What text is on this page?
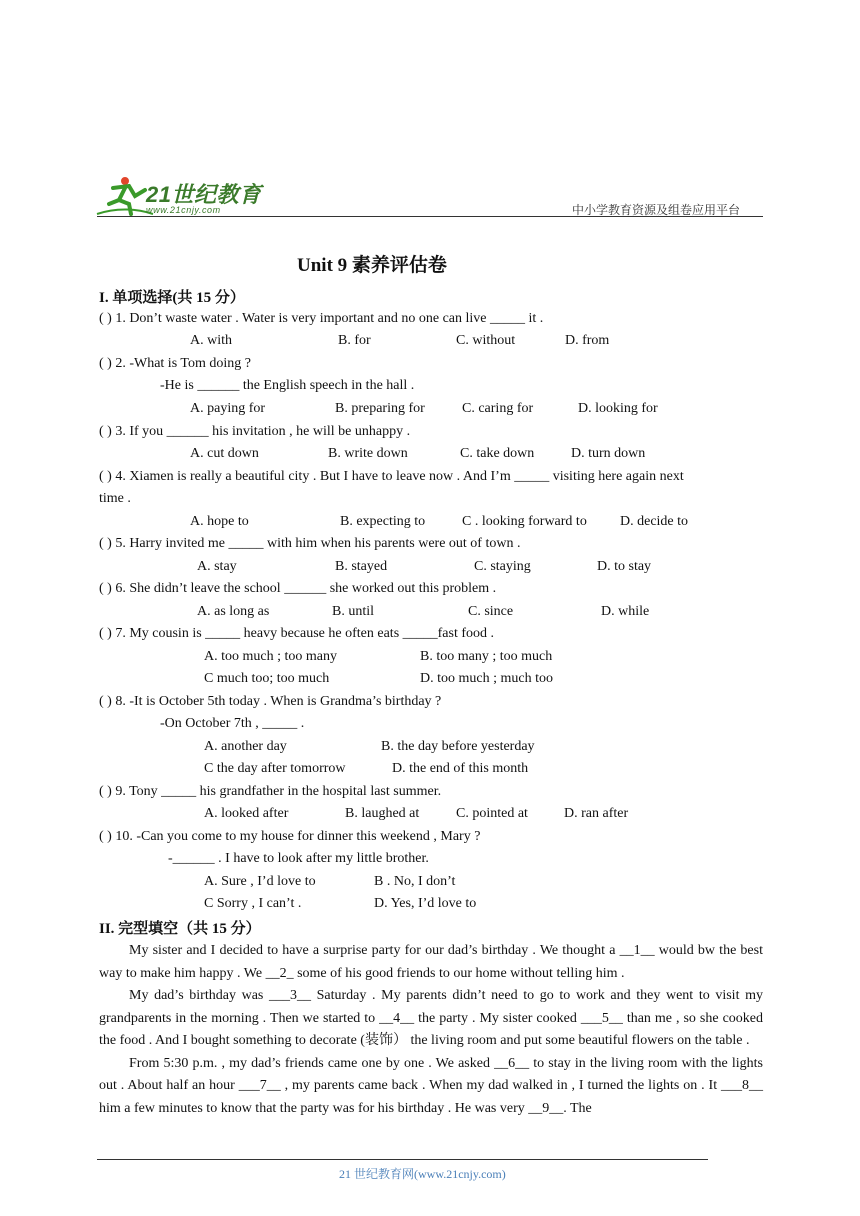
21世纪教育
www.21cnjy.com	中小学教育资源及组卷应用平台
Unit 9 素养评估卷
I. 单项选择(共 15 分）
( ) 1. Don’t waste water . Water is very important and no one can live _____ it .
A. with	B. for	C. without	D. from
( ) 2. -What is Tom doing ?
-He is ______ the English speech in the hall .
A. paying for	B. preparing for	C. caring for	D. looking for
( ) 3. If you ______ his invitation , he will be unhappy .
A. cut down	B. write down	C. take down	D. turn down
( ) 4. Xiamen is really a beautiful city . But I have to leave now . And I’m _____ visiting here again next
time .
A. hope to	B. expecting to	C . looking forward to D. decide to
( ) 5. Harry invited me _____ with him when his parents were out of town .
A. stay	B. stayed	C. staying	D. to stay
( ) 6. She didn’t leave the school ______ she worked out this problem .
A. as long as	B. until	C. since	D. while
( ) 7. My cousin is _____ heavy because he often eats _____fast food .
A. too much ; too many	B. too many ; too much
C much too; too much	D. too much ; much too
( ) 8. -It is October 5th today . When is Grandma’s birthday ?
-On October 7th , _____ .
A. another day	B. the day before yesterday
C the day after tomorrow	D. the end of this month
( ) 9. Tony _____ his grandfather in the hospital last summer.
A. looked after	B. laughed at	C. pointed at	D. ran after
( ) 10. -Can you come to my house for dinner this weekend , Mary ?
-______ . I have to look after my little brother.
A. Sure , I’d love to	B . No, I don’t
C Sorry , I can’t .	D. Yes, I’d love to
II. 完型填空（共 15 分）

My sister and I decided to have a surprise party for our dad’s birthday . We thought a __1__ would bw the best way to make him happy . We __2_ some of his good friends to our home without telling him .

My dad’s birthday was ___3__ Saturday . My parents didn’t need to go to work and they went to visit my grandparents in the morning . Then we started to __4__ the party . My sister cooked ___5__ than me , so she cooked the food . And I bought something to decorate (装饰） the living room and put some beautiful flowers on the table .

From 5:30 p.m. , my dad’s friends came one by one . We asked __6__ to stay in the living room with the lights out . About half an hour ___7__ , my parents came back . When my dad walked in , I turned the lights on . It ___8__ him a few minutes to know that the party was for his birthday . He was very __9__. The

21 世纪教育网(www.21cnjy.com)
